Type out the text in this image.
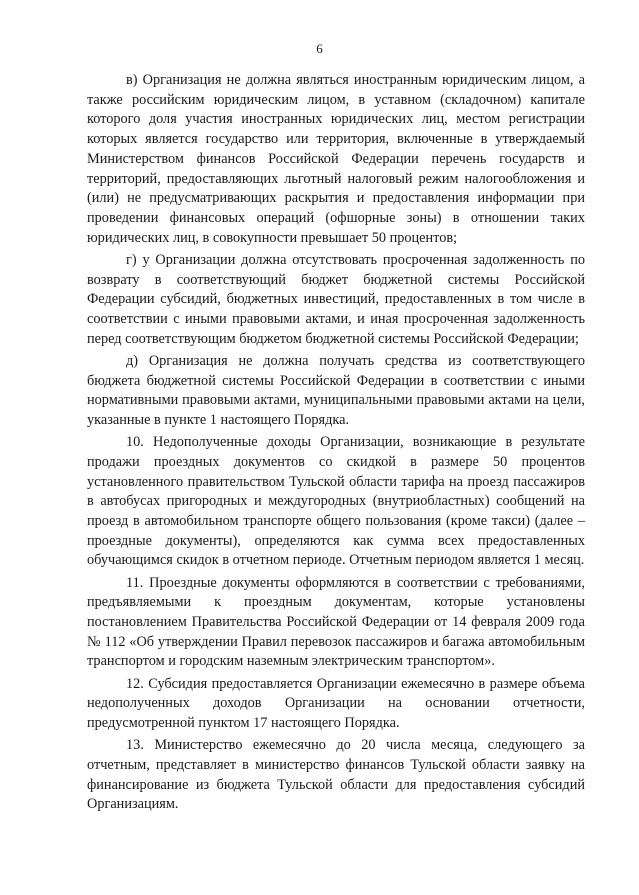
6

в) Организация не должна являться иностранным юридическим лицом, а также российским юридическим лицом, в уставном (складочном) капитале которого доля участия иностранных юридических лиц, местом регистрации которых является государство или территория, включенные в утверждаемый Министерством финансов Российской Федерации перечень государств и территорий, предоставляющих льготный налоговый режим налогообложения и (или) не предусматривающих раскрытия и предоставления информации при проведении финансовых операций (офшорные зоны) в отношении таких юридических лиц, в совокупности превышает 50 процентов;

г) у Организации должна отсутствовать просроченная задолженность по возврату в соответствующий бюджет бюджетной системы Российской Федерации субсидий, бюджетных инвестиций, предоставленных в том числе в соответствии с иными правовыми актами, и иная просроченная задолженность перед соответствующим бюджетом бюджетной системы Российской Федерации;

д) Организация не должна получать средства из соответствующего бюджета бюджетной системы Российской Федерации в соответствии с иными нормативными правовыми актами, муниципальными правовыми актами на цели, указанные в пункте 1 настоящего Порядка.

10. Недополученные доходы Организации, возникающие в результате продажи проездных документов со скидкой в размере 50 процентов установленного правительством Тульской области тарифа на проезд пассажиров в автобусах пригородных и междугородных (внутриобластных) сообщений на проезд в автомобильном транспорте общего пользования (кроме такси) (далее – проездные документы), определяются как сумма всех предоставленных обучающимся скидок в отчетном периоде. Отчетным периодом является 1 месяц.

11. Проездные документы оформляются в соответствии с требованиями, предъявляемыми к проездным документам, которые установлены постановлением Правительства Российской Федерации от 14 февраля 2009 года № 112 «Об утверждении Правил перевозок пассажиров и багажа автомобильным транспортом и городским наземным электрическим транспортом».

12. Субсидия предоставляется Организации ежемесячно в размере объема недополученных доходов Организации на основании отчетности, предусмотренной пунктом 17 настоящего Порядка.

13. Министерство ежемесячно до 20 числа месяца, следующего за отчетным, представляет в министерство финансов Тульской области заявку на финансирование из бюджета Тульской области для предоставления субсидий Организациям.
